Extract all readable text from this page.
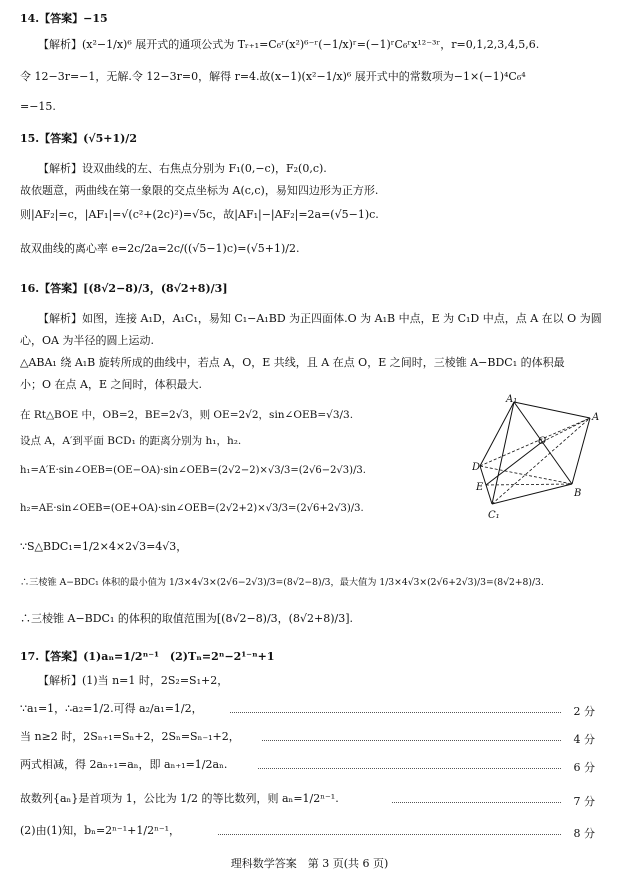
14.【答案】−15
【解析】(x²−1/x)⁶ 展开式的通项公式为 Tᵣ₊₁=C₆ʳ(x²)⁶⁻ʳ(−1/x)ʳ=(−1)ʳC₆ʳx¹²⁻³ʳ，r=0,1,2,3,4,5,6.
令 12−3r=−1，无解.令 12−3r=0，解得 r=4.故(x−1)(x²−1/x)⁶ 展开式中的常数项为−1×(−1)⁴C₆⁴
=−15.
15.【答案】(√5+1)/2
【解析】设双曲线的左、右焦点分别为 F₁(0,−c)，F₂(0,c).
故依题意，两曲线在第一象限的交点坐标为 A(c,c)，易知四边形为正方形.
则|AF₂|=c，|AF₁|=√(c²+(2c)²)=√5c，故|AF₁|−|AF₂|=2a=(√5−1)c.
故双曲线的离心率 e=2c/2a=2c/((√5−1)c)=(√5+1)/2.
16.【答案】[(8√2−8)/3，(8√2+8)/3]
【解析】如图，连接 A₁D，A₁C₁，易知 C₁−A₁BD 为正四面体.O 为 A₁B 中点，E 为 C₁D 中点，点 A 在以 O 为圆
心，OA 为半径的圆上运动.
△ABA₁ 绕 A₁B 旋转所成的曲线中，若点 A，O，E 共线，且 A 在点 O，E 之间时，三棱锥 A−BDC₁ 的体积最
小；O 在点 A，E 之间时，体积最大.
在 Rt△BOE 中，OB=2，BE=2√3，则 OE=2√2，sin∠OEB=√3/3.
设点 A，A′到平面 BCD₁ 的距离分别为 h₁，h₂.
h₁=A′E·sin∠OEB=(OE−OA)·sin∠OEB=(2√2−2)×√3/3=(2√6−2√3)/3.
h₂=AE·sin∠OEB=(OE+OA)·sin∠OEB=(2√2+2)×√3/3=(2√6+2√3)/3.
∵S△BDC₁=1/2×4×2√3=4√3，
∴三棱锥 A−BDC₁ 体积的最小值为 1/3×4√3×(2√6−2√3)/3=(8√2−8)/3，最大值为 1/3×4√3×(2√6+2√3)/3=(8√2+8)/3.
∴三棱锥 A−BDC₁ 的体积的取值范围为[(8√2−8)/3，(8√2+8)/3].
A₁
A
O
D
E
B
C₁
17.【答案】(1)aₙ=1/2ⁿ⁻¹　(2)Tₙ=2ⁿ−2¹⁻ⁿ+1
【解析】(1)当 n=1 时，2S₂=S₁+2，
∵a₁=1，∴a₂=1/2.可得 a₂/a₁=1/2，	2 分
当 n≥2 时，2Sₙ₊₁=Sₙ+2，2Sₙ=Sₙ₋₁+2，	4 分
两式相减，得 2aₙ₊₁=aₙ，即 aₙ₊₁=1/2aₙ.	6 分
故数列{aₙ}是首项为 1，公比为 1/2 的等比数列，则 aₙ=1/2ⁿ⁻¹.	7 分
(2)由(1)知，bₙ=2ⁿ⁻¹+1/2ⁿ⁻¹，	8 分
理科数学答案　第 3 页(共 6 页)
